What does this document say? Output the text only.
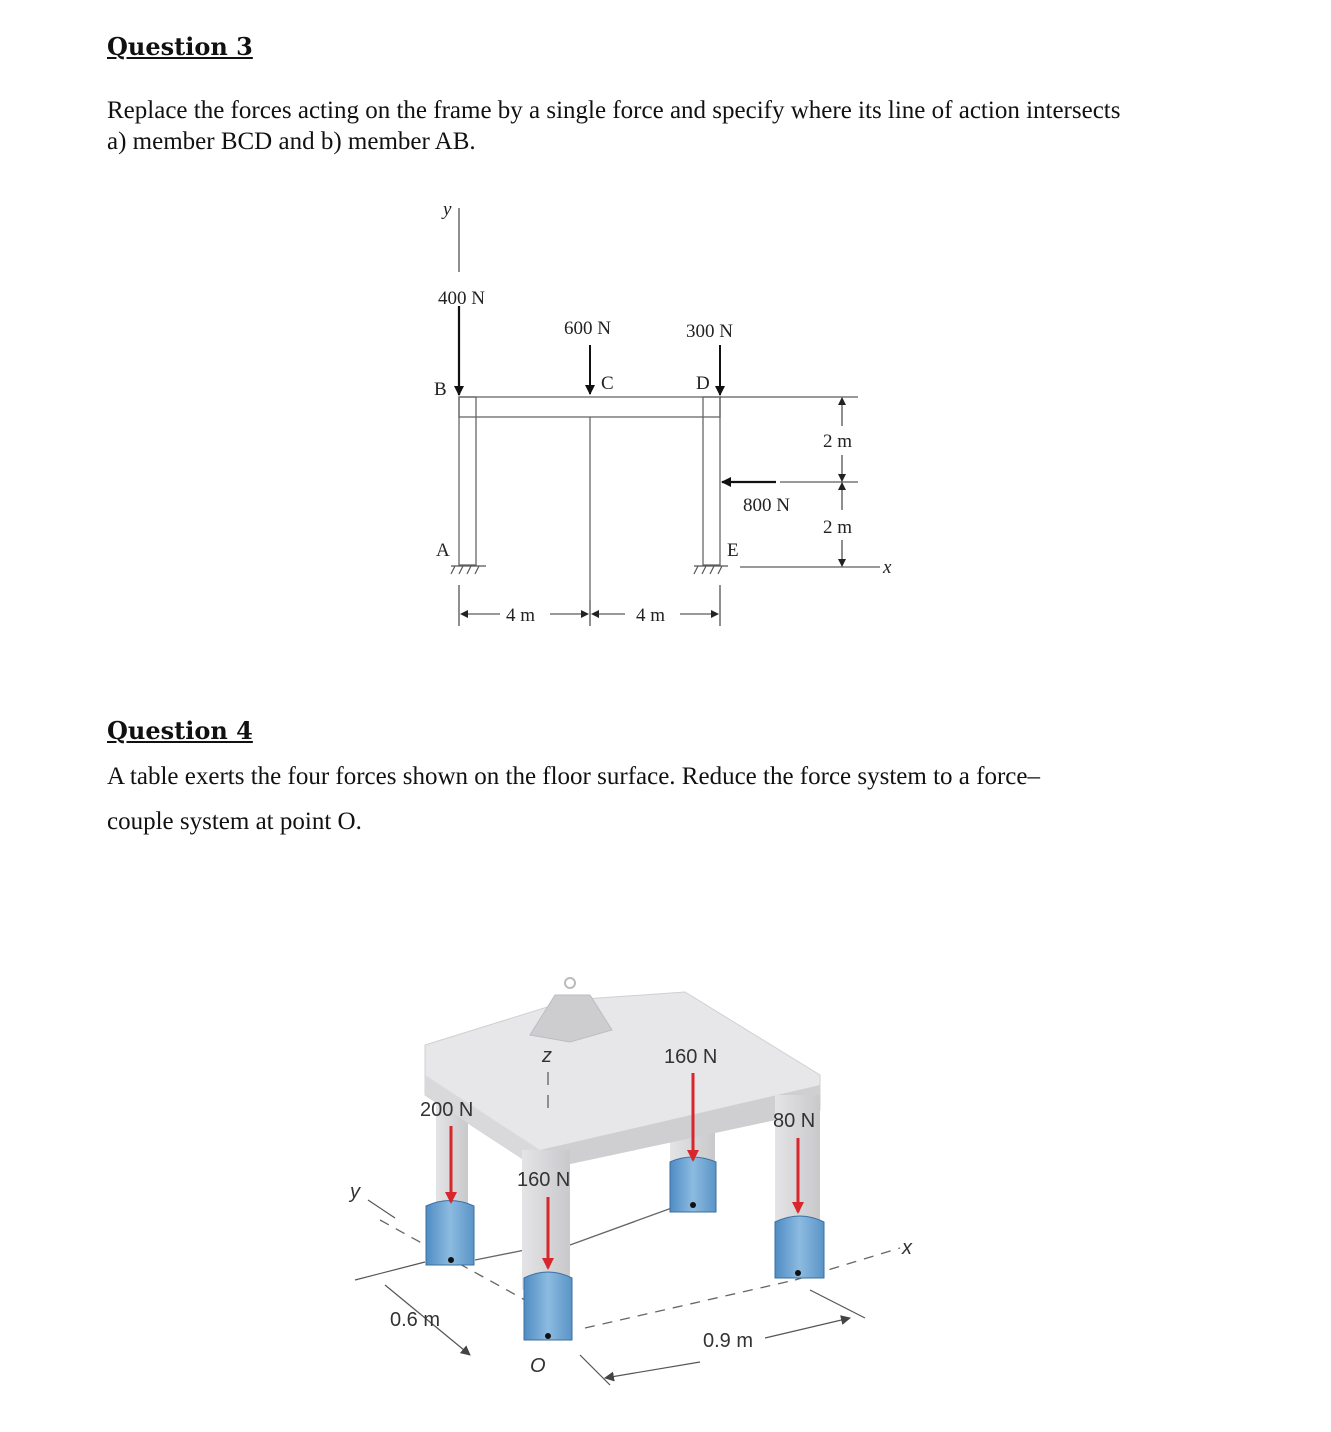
Question 3

Replace the forces acting on the frame by a single force and specify where its line of action intersects

a) member BCD and b) member AB.

y
400 N
600 N	300 N
800 N
B	C	D
A	E
2 m
2 m
x
4 m	4 m
Question 4

A table exerts the four forces shown on the floor surface. Reduce the force system to a force–

couple system at point O.

z
y
x
160 N
200 N	80 N
160 N
0.6 m
0.9 m
O
